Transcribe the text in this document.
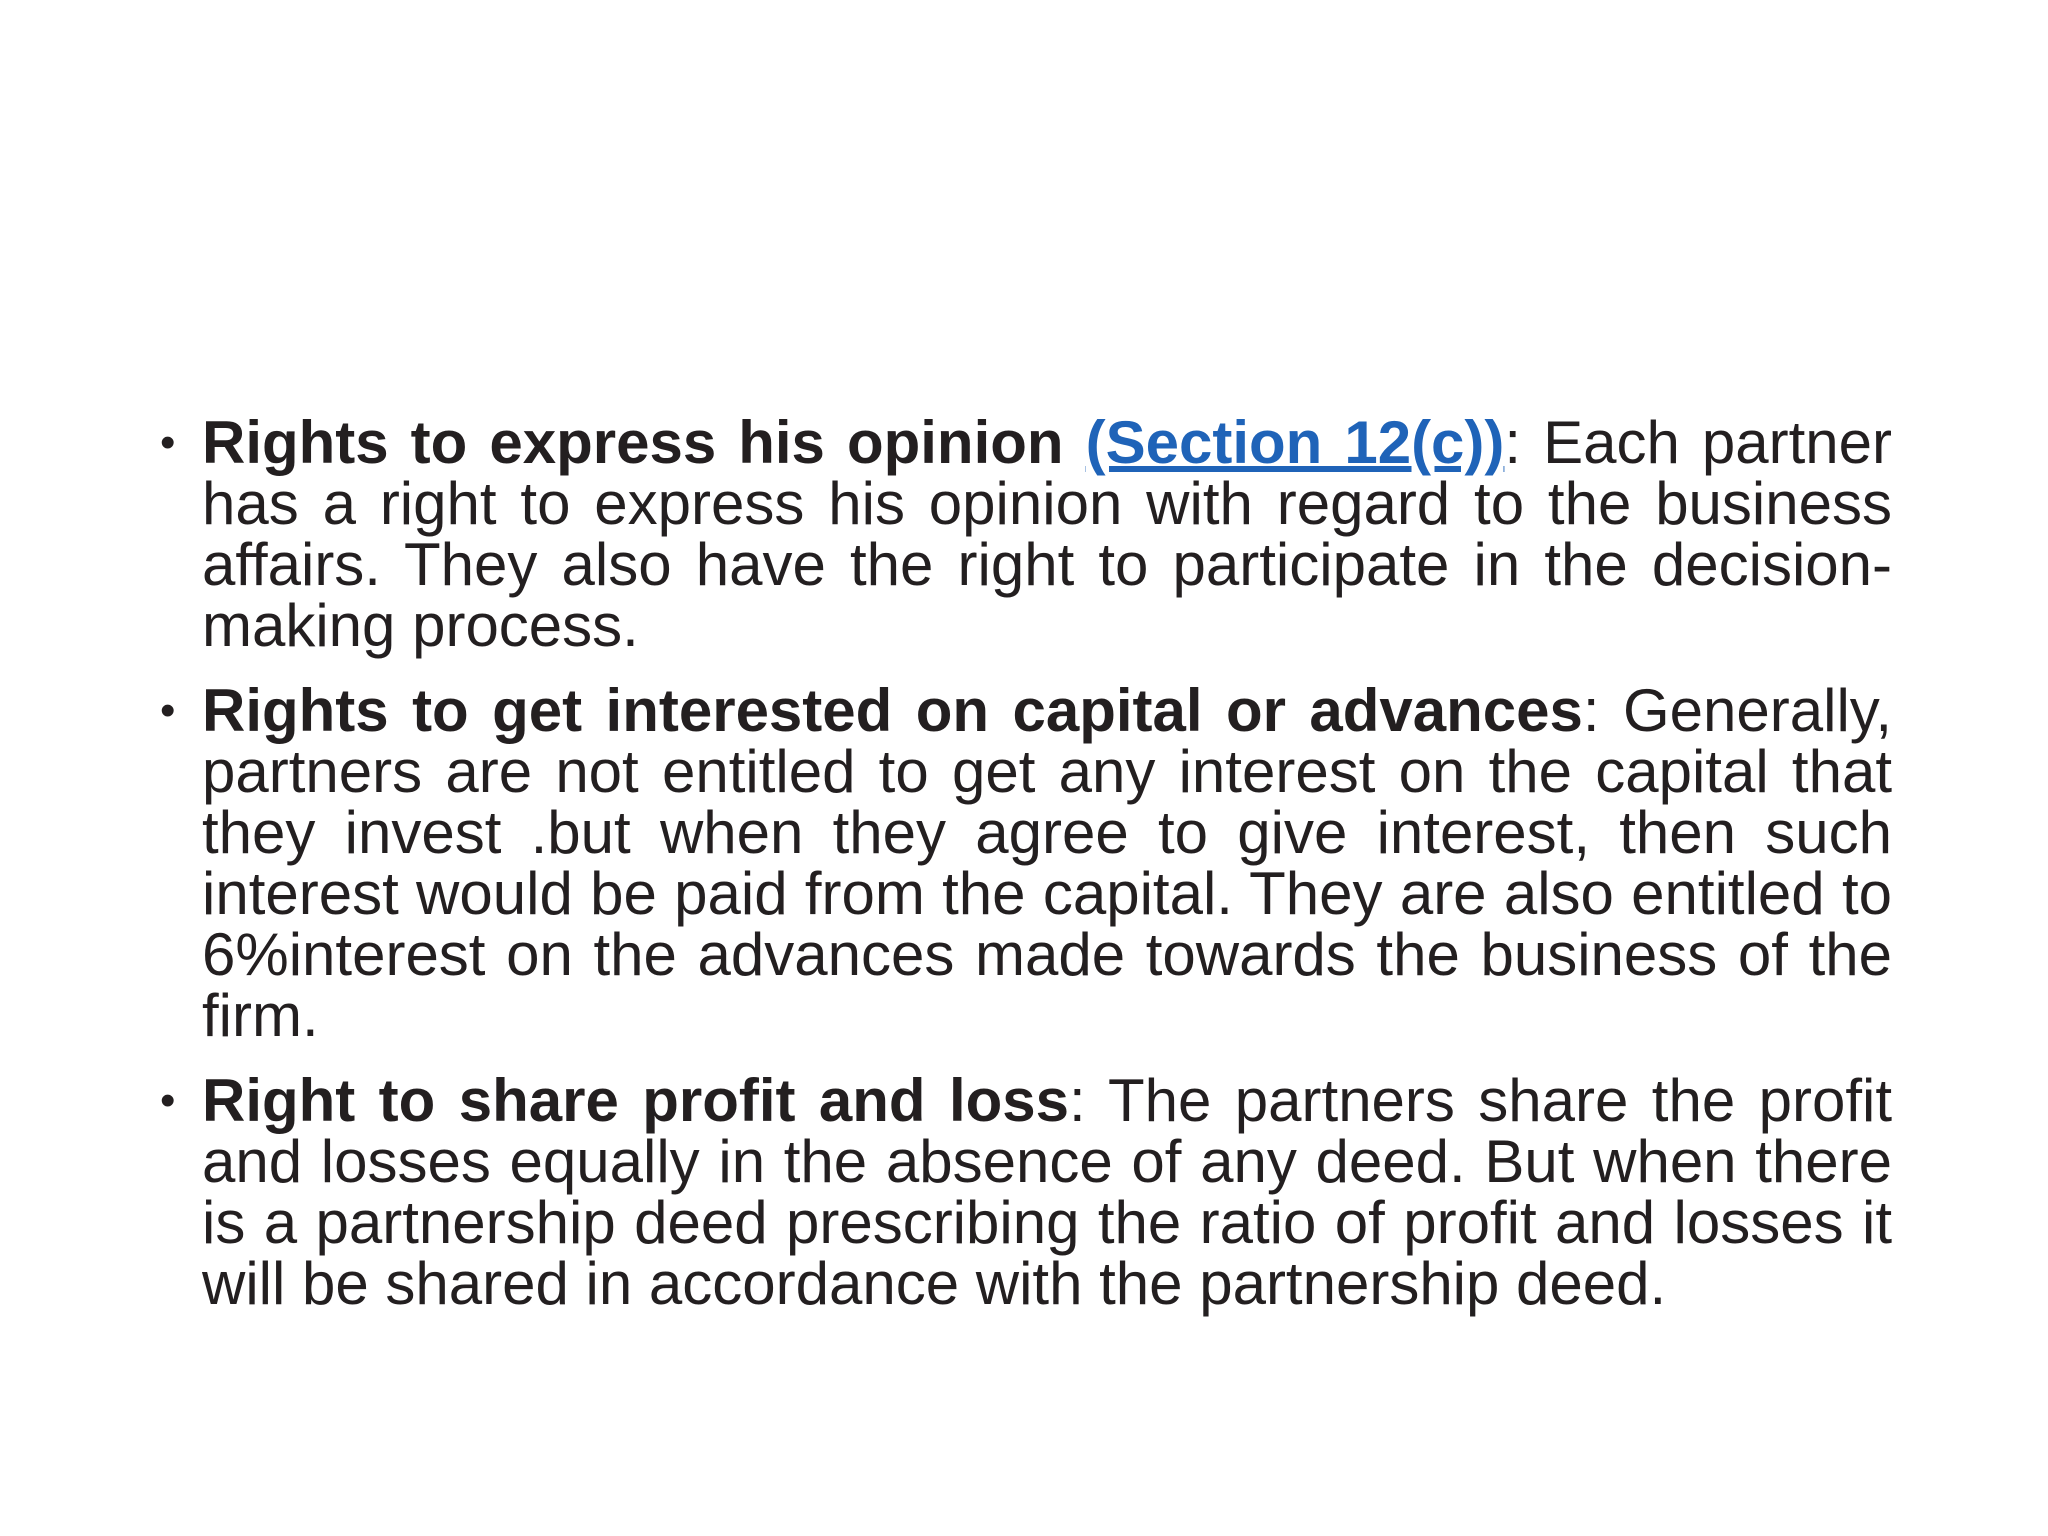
• Rights to express his opinion (Section 12(c)): Each partner has a right to express his opinion with regard to the business affairs. They also have the right to participate in the decision-making process.
• Rights to get interested on capital or advances: Generally, partners are not entitled to get any interest on the capital that they invest .but when they agree to give interest, then such interest would be paid from the capital. They are also entitled to 6%interest on the advances made towards the business of the firm.
• Right to share profit and loss: The partners share the profit and losses equally in the absence of any deed. But when there is a partnership deed prescribing the ratio of profit and losses it will be shared in accordance with the partnership deed.
